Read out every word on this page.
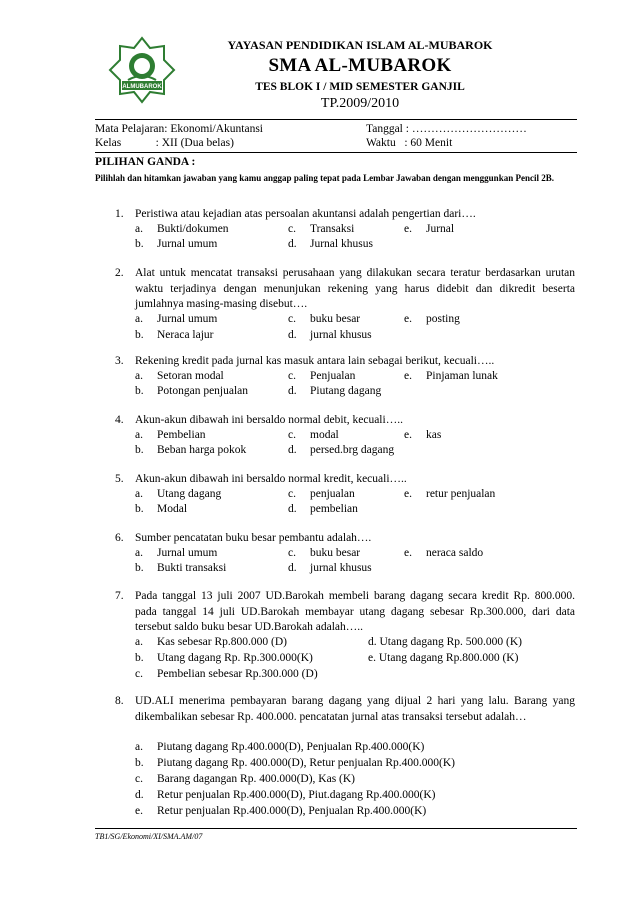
ALMUBAROK
YAYASAN PENDIDIKAN ISLAM AL-MUBAROK
SMA AL-MUBAROK
TES BLOK I / MID SEMESTER GANJIL
TP.2009/2010
Mata Pelajaran: Ekonomi/Akuntansi
Kelas            : XII (Dua belas)
Tanggal : …………………………
Waktu   : 60 Menit
PILIHAN GANDA :
Pilihlah dan hitamkan jawaban yang kamu anggap paling tepat pada Lembar Jawaban dengan menggunkan Pencil 2B.
1. Peristiwa atau kejadian atas persoalan akuntansi adalah pengertian dari….
a. Bukti/dokumen
b. Jurnal umum
c. Transaksi
d. Jurnal khusus
e. Jurnal
2. Alat untuk mencatat transaksi perusahaan yang dilakukan secara teratur berdasarkan urutan waktu terjadinya dengan menunjukan rekening yang harus didebit dan dikredit beserta jumlahnya masing-masing disebut….
a. Jurnal umum
b. Neraca lajur
c. buku besar
d. jurnal khusus
e. posting
3. Rekening kredit pada jurnal kas masuk antara lain sebagai berikut, kecuali…..
a. Setoran modal
b. Potongan penjualan
c. Penjualan
d. Piutang dagang
e. Pinjaman lunak
4. Akun-akun dibawah ini bersaldo normal debit, kecuali…..
a. Pembelian
b. Beban harga pokok
c. modal
d. persed.brg dagang
e. kas
5. Akun-akun dibawah ini bersaldo normal kredit, kecuali…..
a. Utang dagang
b. Modal
c. penjualan
d. pembelian
e. retur penjualan
6. Sumber pencatatan buku besar pembantu adalah….
a. Jurnal umum
b. Bukti transaksi
c. buku besar
d. jurnal khusus
e. neraca saldo
7. Pada tanggal 13 juli 2007 UD.Barokah membeli barang dagang secara kredit Rp. 800.000. pada tanggal 14 juli UD.Barokah membayar utang dagang sebesar Rp.300.000, dari data tersebut saldo buku besar UD.Barokah adalah…..
a. Kas sebesar Rp.800.000 (D)
b. Utang dagang Rp. Rp.300.000(K)
c. Pembelian sebesar Rp.300.000 (D)
d. Utang dagang Rp. 500.000 (K)
e. Utang dagang Rp.800.000 (K)
8. UD.ALI menerima pembayaran barang dagang yang dijual 2 hari yang lalu. Barang yang dikembalikan sebesar Rp. 400.000. pencatatan jurnal atas transaksi tersebut adalah…
a. Piutang dagang Rp.400.000(D), Penjualan Rp.400.000(K)
b. Piutang dagang Rp. 400.000(D), Retur penjualan Rp.400.000(K)
c. Barang dagangan Rp. 400.000(D), Kas (K)
d. Retur penjualan Rp.400.000(D), Piut.dagang Rp.400.000(K)
e. Retur penjualan Rp.400.000(D), Penjualan Rp.400.000(K)
TB1/SG/Ekonomi/XI/SMA.AM/07
